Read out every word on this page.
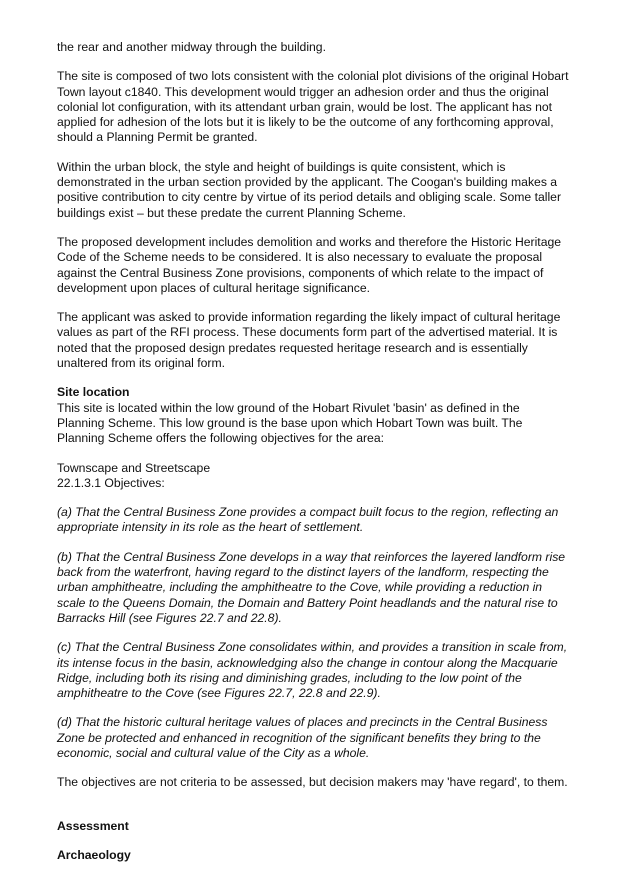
the rear and another midway through the building.

The site is composed of two lots consistent with the colonial plot divisions of the original Hobart Town layout c1840. This development would trigger an adhesion order and thus the original colonial lot configuration, with its attendant urban grain, would be lost. The applicant has not applied for adhesion of the lots but it is likely to be the outcome of any forthcoming approval, should a Planning Permit be granted.

Within the urban block, the style and height of buildings is quite consistent, which is demonstrated in the urban section provided by the applicant. The Coogan's building makes a positive contribution to city centre by virtue of its period details and obliging scale. Some taller buildings exist – but these predate the current Planning Scheme.

The proposed development includes demolition and works and therefore the Historic Heritage Code of the Scheme needs to be considered. It is also necessary to evaluate the proposal against the Central Business Zone provisions, components of which relate to the impact of development upon places of cultural heritage significance.

The applicant was asked to provide information regarding the likely impact of cultural heritage values as part of the RFI process. These documents form part of the advertised material. It is noted that the proposed design predates requested heritage research and is essentially unaltered from its original form.

Site location
This site is located within the low ground of the Hobart Rivulet 'basin' as defined in the Planning Scheme. This low ground is the base upon which Hobart Town was built. The Planning Scheme offers the following objectives for the area:

Townscape and Streetscape
22.1.3.1 Objectives:

(a) That the Central Business Zone provides a compact built focus to the region, reflecting an appropriate intensity in its role as the heart of settlement.

(b) That the Central Business Zone develops in a way that reinforces the layered landform rise back from the waterfront, having regard to the distinct layers of the landform, respecting the urban amphitheatre, including the amphitheatre to the Cove, while providing a reduction in scale to the Queens Domain, the Domain and Battery Point headlands and the natural rise to Barracks Hill (see Figures 22.7 and 22.8).

(c) That the Central Business Zone consolidates within, and provides a transition in scale from, its intense focus in the basin, acknowledging also the change in contour along the Macquarie Ridge, including both its rising and diminishing grades, including to the low point of the amphitheatre to the Cove (see Figures 22.7, 22.8 and 22.9).

(d) That the historic cultural heritage values of places and precincts in the Central Business Zone be protected and enhanced in recognition of the significant benefits they bring to the economic, social and cultural value of the City as a whole.

The objectives are not criteria to be assessed, but decision makers may 'have regard', to them.

Assessment

Archaeology
